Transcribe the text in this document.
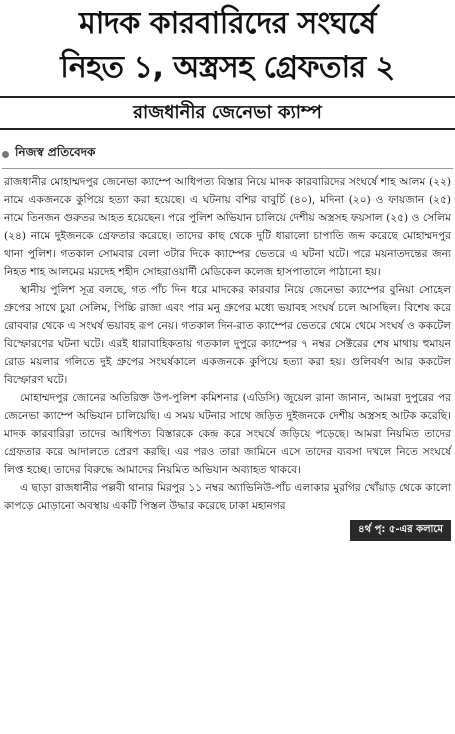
মাদক কারবারিদের সংঘর্ষে
নিহত ১, অস্ত্রসহ গ্রেফতার ২
রাজধানীর জেনেভা ক্যাম্প
নিজস্ব প্রতিবেদক

রাজধানীর মোহাম্মদপুর জেনেভা ক্যাম্পে আধিপত্য বিস্তার নিয়ে মাদক কারবারিদের সংঘর্ষে শাহ আলম (২২) নামে একজনকে কুপিয়ে হত্যা করা হয়েছে। এ ঘটনায় বশির বাবুর্চি (৪০), মদিনা (২০) ও ফায়জান (২৫) নামে তিনজন গুরুতর আহত হয়েছেন। পরে পুলিশ অভিযান চালিয়ে দেশীয় অস্ত্রসহ ফয়সাল (২৫) ও সেলিম (২৪) নামে দুইজনকে গ্রেফতার করেছে। তাদের কাছ থেকে দুটি ধারালো চাপাতি জব্দ করেছে মোহাম্মদপুর থানা পুলিশ। গতকাল সোমবার বেলা ৩টার দিকে ক্যাম্পের ভেতরে এ ঘটনা ঘটে। পরে ময়নাতদন্তের জন্য নিহত শাহ আলমের মরদেহ শহীদ সোহরাওয়ার্দী মেডিকেল কলেজ হাসপাতালে পাঠানো হয়।

স্থানীয় পুলিশ সূত্র বলছে, গত পাঁচ দিন ধরে মাদকের কারবার নিয়ে জেনেভা ক্যাম্পের বুনিয়া সোহেল গ্রুপের সাথে চুয়া সেলিম, পিচ্চি রাজা এবং পার মনু গ্রুপের মধ্যে ভয়াবহ সংঘর্ষ চলে আসছিল। বিশেষ করে রোববার থেকে এ সংঘর্ষ ভয়াবহ রূপ নেয়। গতকাল দিন-রাত ক্যাম্পের ভেতরে থেমে থেমে সংঘর্ষ ও ককটেল বিস্ফোরণের ঘটনা ঘটে। এরই ধারাবাহিকতায় গতকাল দুপুরে ক্যাম্পের ৭ নম্বর সেক্টরের শেষ মাথায় হুমায়ন রোড ময়লার গলিতে দুই গ্রুপের সংঘর্ষকালে একজনকে কুপিয়ে হত্যা করা হয়। গুলিবর্ষণ আর ককটেল বিস্ফোরণ ঘটে।

মোহাম্মদপুর জোনের অতিরিক্ত উপ-পুলিশ কমিশনার (এডিসি) জুয়েল রানা জানান, আমরা দুপুরের পর জেনেভা ক্যাম্পে অভিযান চালিয়েছি। এ সময় ঘটনার সাথে জড়িত দুইজনকে দেশীয় অস্ত্রসহ আটক করেছি। মাদক কারবারিরা তাদের আধিপত্য বিস্তারকে কেন্দ্র করে সংঘর্ষে জড়িয়ে পড়েছে। আমরা নিয়মিত তাদের গ্রেফতার করে আদালতে প্রেরণ করছি। এর পরও তারা জামিনে এসে তাদের ব্যবসা দখলে নিতে সংঘর্ষে লিপ্ত হচ্ছে। তাদের বিরুদ্ধে আমাদের নিয়মিত অভিযান অব্যাহত থাকবে।

এ ছাড়া রাজধানীর পল্লবী থানার মিরপুর ১১ নম্বর অ্যাভিনিউ-পাঁচ এলাকার মুরগির খোঁয়াড় থেকে কালো কাপড়ে মোড়ানো অবস্থায় একটি পিস্তল উদ্ধার করেছে ঢাকা মহানগর

৪র্থ পৃ: ৫-এর কলামে
